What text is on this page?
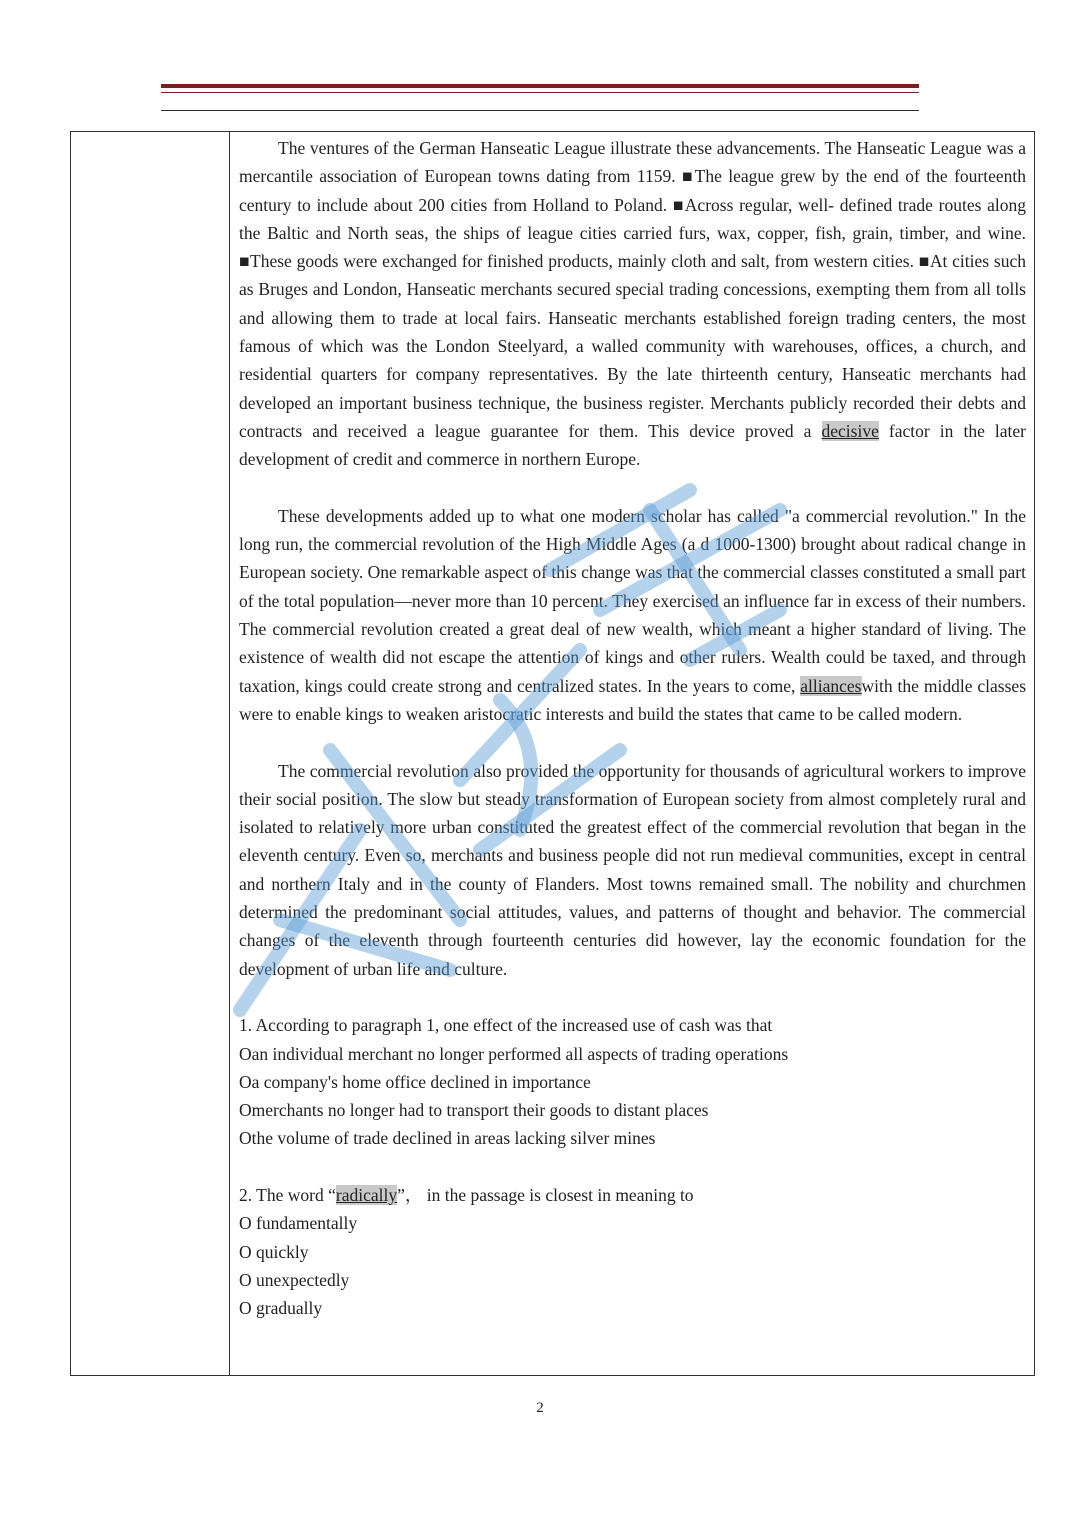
The ventures of the German Hanseatic League illustrate these advancements. The Hanseatic League was a mercantile association of European towns dating from 1159. ■The league grew by the end of the fourteenth century to include about 200 cities from Holland to Poland. ■Across regular, well- defined trade routes along the Baltic and North seas, the ships of league cities carried furs, wax, copper, fish, grain, timber, and wine. ■These goods were exchanged for finished products, mainly cloth and salt, from western cities. ■At cities such as Bruges and London, Hanseatic merchants secured special trading concessions, exempting them from all tolls and allowing them to trade at local fairs. Hanseatic merchants established foreign trading centers, the most famous of which was the London Steelyard, a walled community with warehouses, offices, a church, and residential quarters for company representatives. By the late thirteenth century, Hanseatic merchants had developed an important business technique, the business register. Merchants publicly recorded their debts and contracts and received a league guarantee for them. This device proved a decisive factor in the later development of credit and commerce in northern Europe.

These developments added up to what one modern scholar has called "a commercial revolution." In the long run, the commercial revolution of the High Middle Ages (a d 1000-1300) brought about radical change in European society. One remarkable aspect of this change was that the commercial classes constituted a small part of the total population—never more than 10 percent. They exercised an influence far in excess of their numbers. The commercial revolution created a great deal of new wealth, which meant a higher standard of living. The existence of wealth did not escape the attention of kings and other rulers. Wealth could be taxed, and through taxation, kings could create strong and centralized states. In the years to come, allianceswith the middle classes were to enable kings to weaken aristocratic interests and build the states that came to be called modern.

The commercial revolution also provided the opportunity for thousands of agricultural workers to improve their social position. The slow but steady transformation of European society from almost completely rural and isolated to relatively more urban constituted the greatest effect of the commercial revolution that began in the eleventh century. Even so, merchants and business people did not run medieval communities, except in central and northern Italy and in the county of Flanders. Most towns remained small. The nobility and churchmen determined the predominant social attitudes, values, and patterns of thought and behavior. The commercial changes of the eleventh through fourteenth centuries did however, lay the economic foundation for the development of urban life and culture.

1. According to paragraph 1, one effect of the increased use of cash was that

Oan individual merchant no longer performed all aspects of trading operations

Oa company's home office declined in importance

Omerchants no longer had to transport their goods to distant places

Othe volume of trade declined in areas lacking silver mines

2. The word “radically”， in the passage is closest in meaning to

O fundamentally

O quickly

O unexpectedly

O gradually

2
